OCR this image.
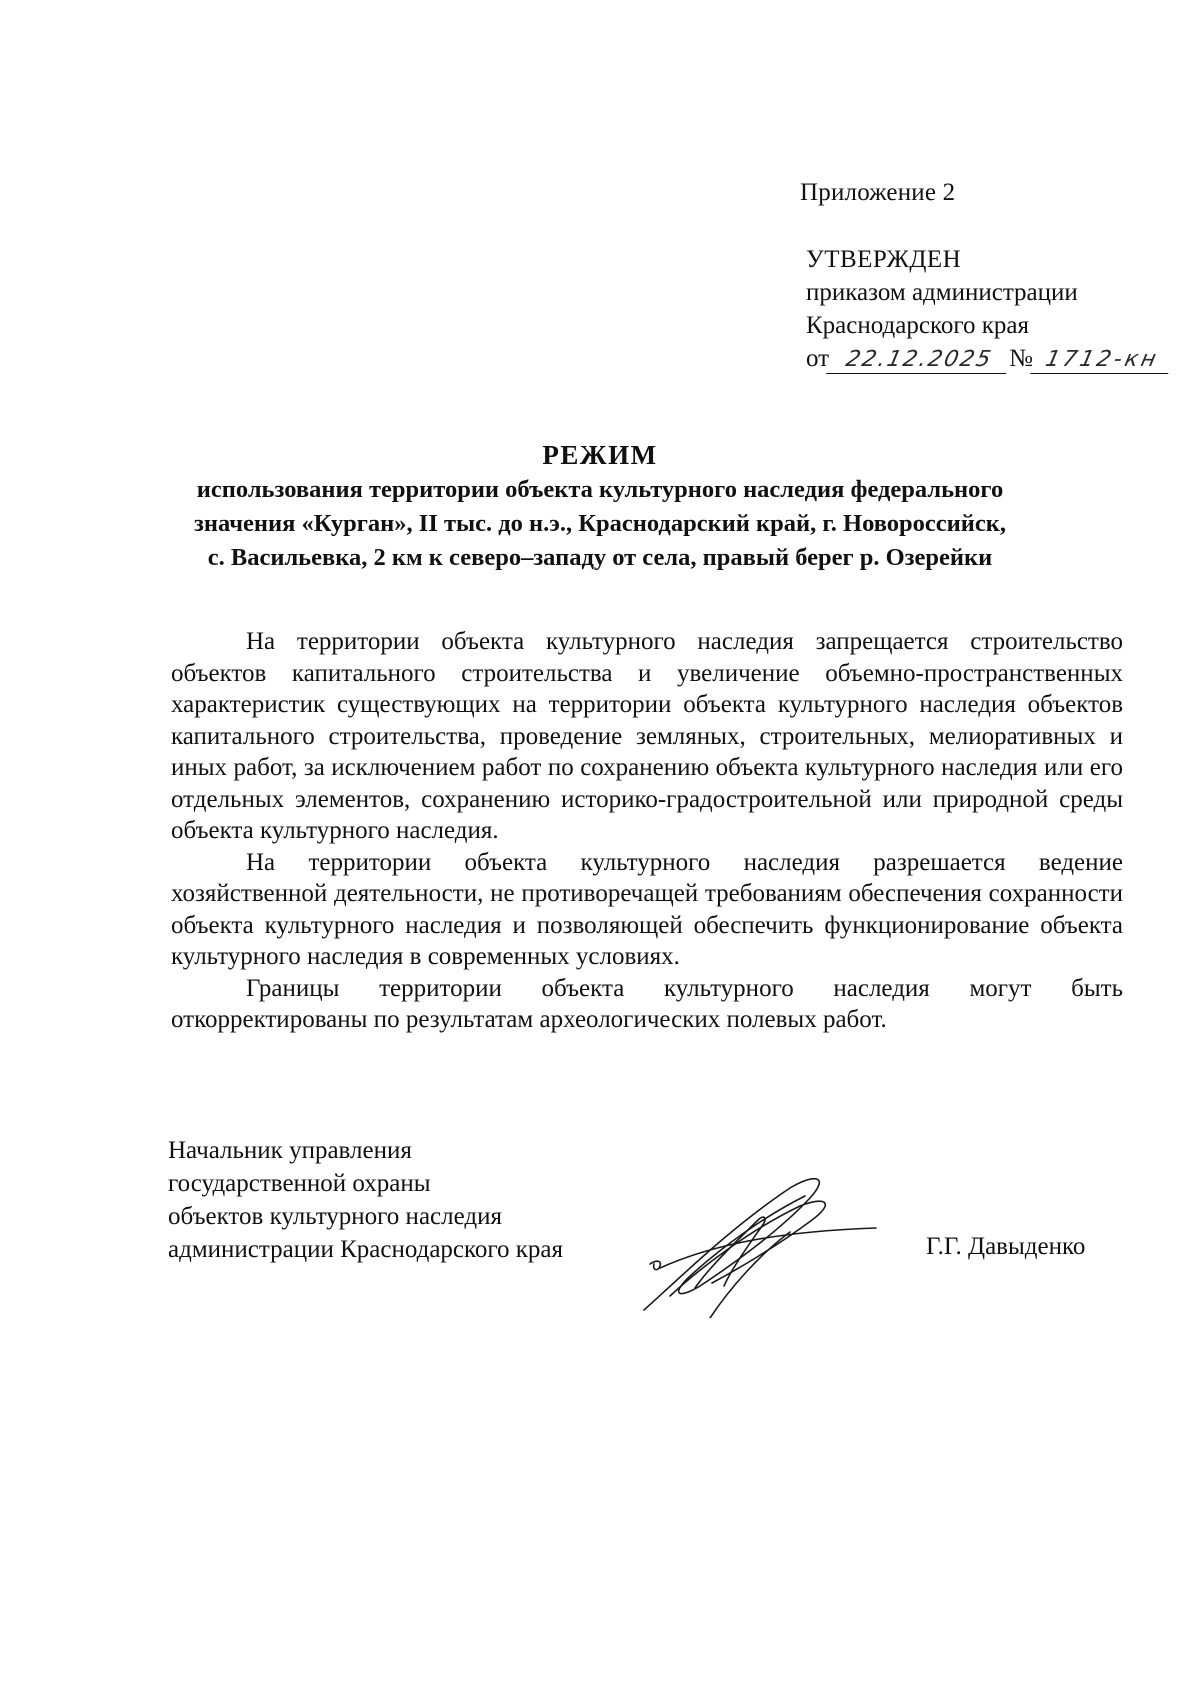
Приложение 2
УТВЕРЖДЕН
приказом администрации
Краснодарского края
от 22.12.2025 № 1712-кн
РЕЖИМ
использования территории объекта культурного наследия федерального
значения «Курган», II тыс. до н.э., Краснодарский край, г. Новороссийск,
с. Васильевка, 2 км к северо–западу от села, правый берег р. Озерейки

На территории объекта культурного наследия запрещается строительство объектов капитального строительства и увеличение объемно-пространственных характеристик существующих на территории объекта культурного наследия объектов капитального строительства, проведение земляных, строительных, мелиоративных и иных работ, за исключением работ по сохранению объекта культурного наследия или его отдельных элементов, сохранению историко-градостроительной или природной среды объекта культурного наследия.

На территории объекта культурного наследия разрешается ведение хозяйственной деятельности, не противоречащей требованиям обеспечения сохранности объекта культурного наследия и позволяющей обеспечить функционирование объекта культурного наследия в современных условиях.

Границы территории объекта культурного наследия могут быть откорректированы по результатам археологических полевых работ.

Начальник управления
государственной охраны
объектов культурного наследия
администрации Краснодарского края	Г.Г. Давыденко
